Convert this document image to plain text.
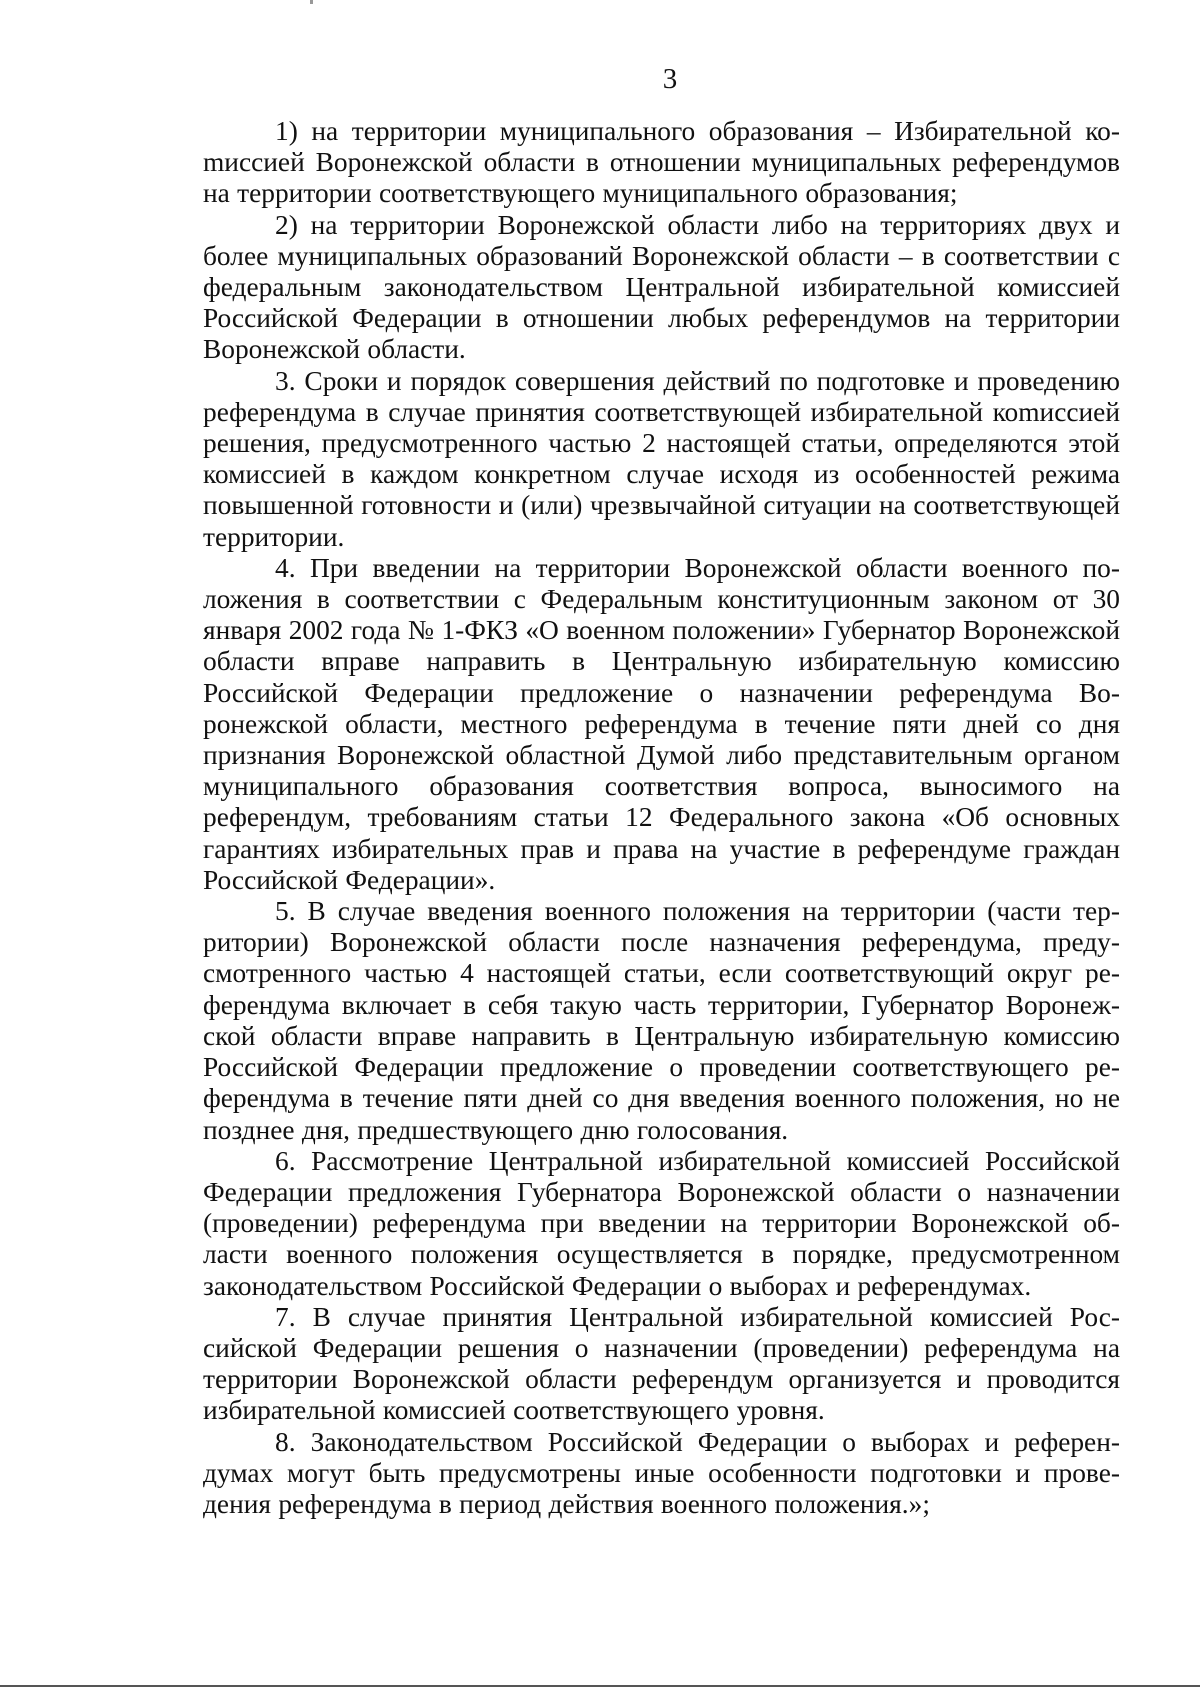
3

1) на территории муниципального образования – Избирательной коmиссией Воронежской области в отношении муниципальных референдумов на территории соответствующего муниципального образования;

2) на территории Воронежской области либо на территориях двух и более муниципальных образований Воронежской области – в соответствии с федеральным законодательством Центральной избирательной комиссией Российской Федерации в отношении любых референдумов на территории Воронежской области.

3. Сроки и порядок совершения действий по подготовке и проведению референдума в случае принятия соответствующей избирательной коmиссией решения, предусмотренного частью 2 настоящей статьи, определяются этой комиссией в каждом конкретном случае исходя из особенностей режима повышенной готовности и (или) чрезвычайной ситуации на соответствующей территории.

4. При введении на территории Воронежской области военного положения в соответствии с Федеральным конституционным законом от 30 января 2002 года № 1-ФКЗ «О военном положении» Губернатор Воронежской области вправе направить в Центральную избирательную комиссию Российской Федерации предложение о назначении референдума Воронежской области, местного референдума в течение пяти дней со дня признания Воронежской областной Думой либо представительным органом муниципального образования соответствия вопроса, выносимого на референдум, требованиям статьи 12 Федерального закона «Об основных гарантиях избирательных прав и права на участие в референдуме граждан Российской Федерации».

5. В случае введения военного положения на территории (части территории) Воронежской области после назначения референдума, предусмотренного частью 4 настоящей статьи, если соответствующий округ референдума включает в себя такую часть территории, Губернатор Воронежской области вправе направить в Центральную избирательную комиссию Российской Федерации предложение о проведении соответствующего референдума в течение пяти дней со дня введения военного положения, но не позднее дня, предшествующего дню голосования.

6. Рассмотрение Центральной избирательной комиссией Российской Федерации предложения Губернатора Воронежской области о назначении (проведении) референдума при введении на территории Воронежской области военного положения осуществляется в порядке, предусмотренном законодательством Российской Федерации о выборах и референдумах.

7. В случае принятия Центральной избирательной комиссией Российской Федерации решения о назначении (проведении) референдума на территории Воронежской области референдум организуется и проводится избирательной комиссией соответствующего уровня.

8. Законодательством Российской Федерации о выборах и референдумах могут быть предусмотрены иные особенности подготовки и проведения референдума в период действия военного положения.»;
